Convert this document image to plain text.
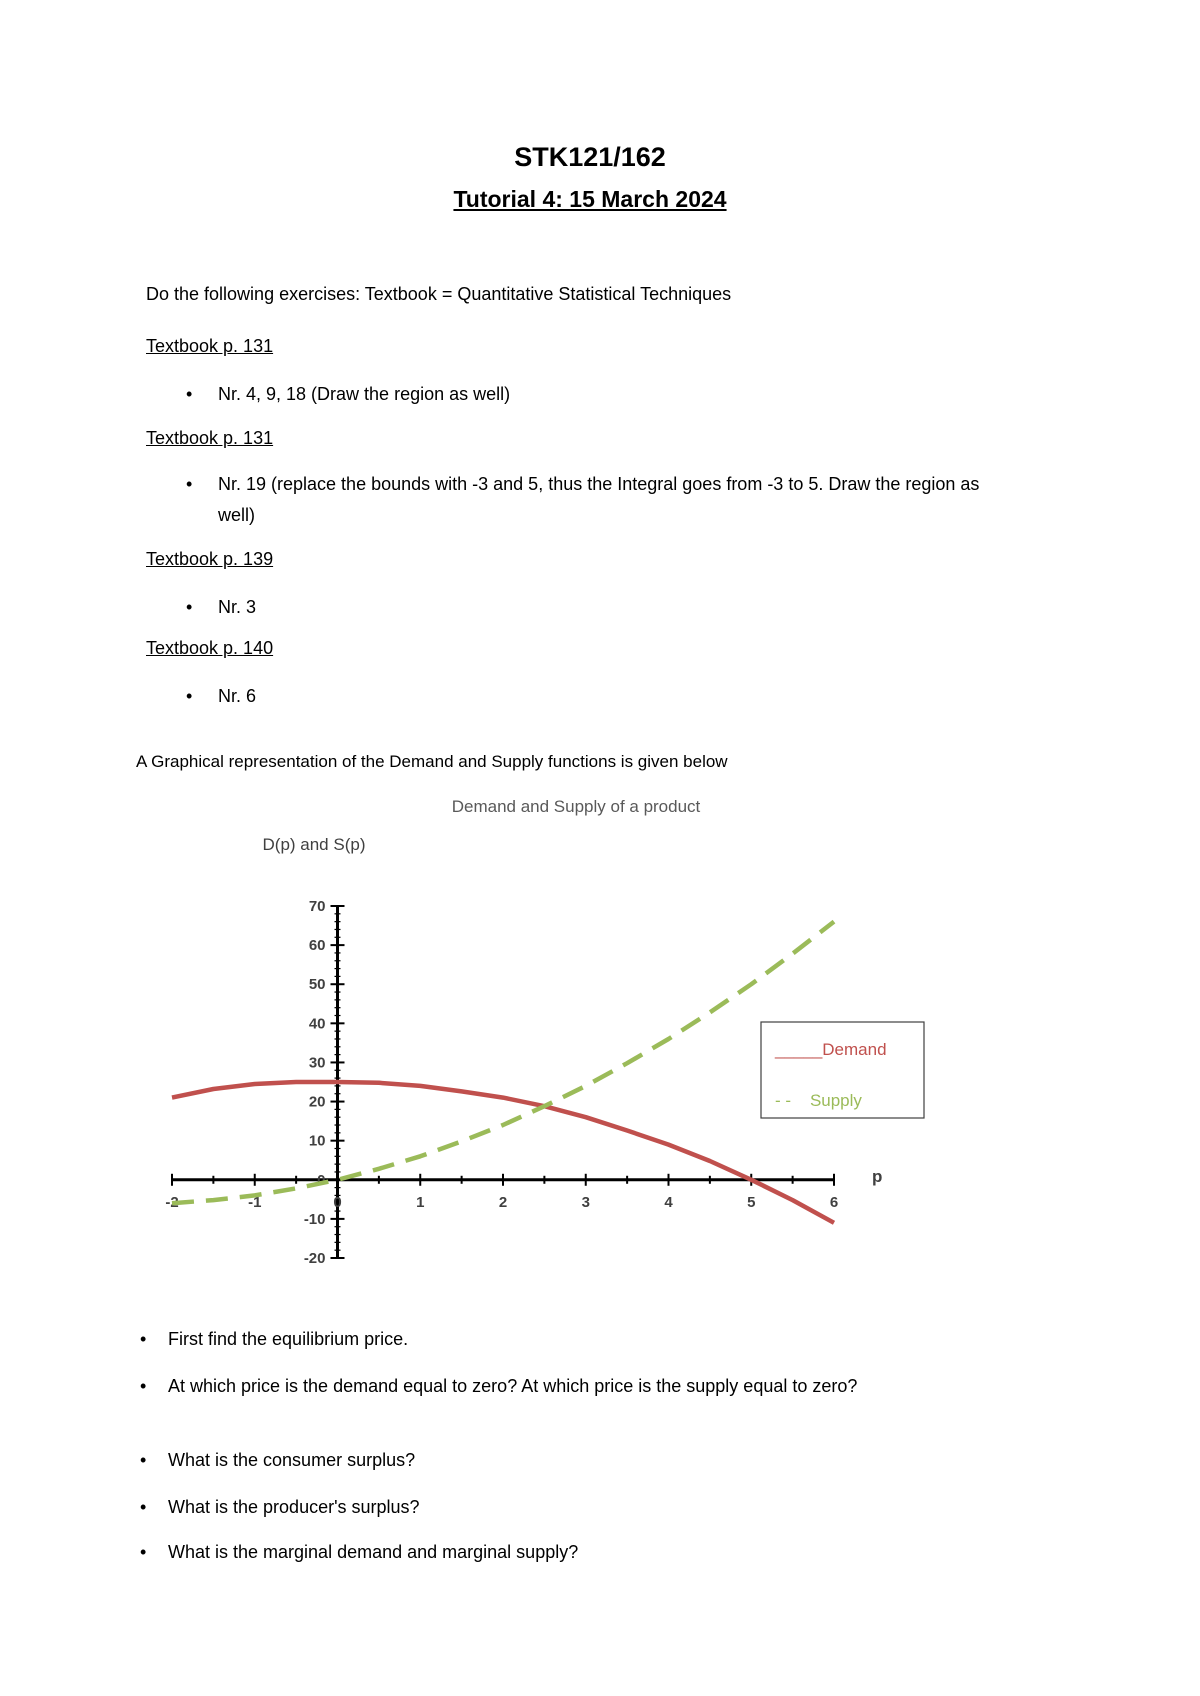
STK121/162
Tutorial 4: 15 March 2024
Do the following exercises: Textbook = Quantitative Statistical Techniques
Textbook p. 131
•	Nr. 4, 9, 18 (Draw the region as well)
Textbook p. 131
•	Nr. 19 (replace the bounds with -3 and 5, thus the Integral goes from -3 to 5. Draw the region as well)
Textbook p. 139
•	Nr. 3
Textbook p. 140
•	Nr. 6
A Graphical representation of the Demand and Supply functions is given below
Demand and Supply of a product
D(p) and S(p)
-2	-1	0	1	2	3	4	5	6
70
60
50
40
30
20
10
0
-10
-20
p
_____Demand
- -    Supply
•	First find the equilibrium price.
•	At which price is the demand equal to zero? At which price is the supply equal to zero?
•	What is the consumer surplus?
•	What is the producer's surplus?
•	What is the marginal demand and marginal supply?
